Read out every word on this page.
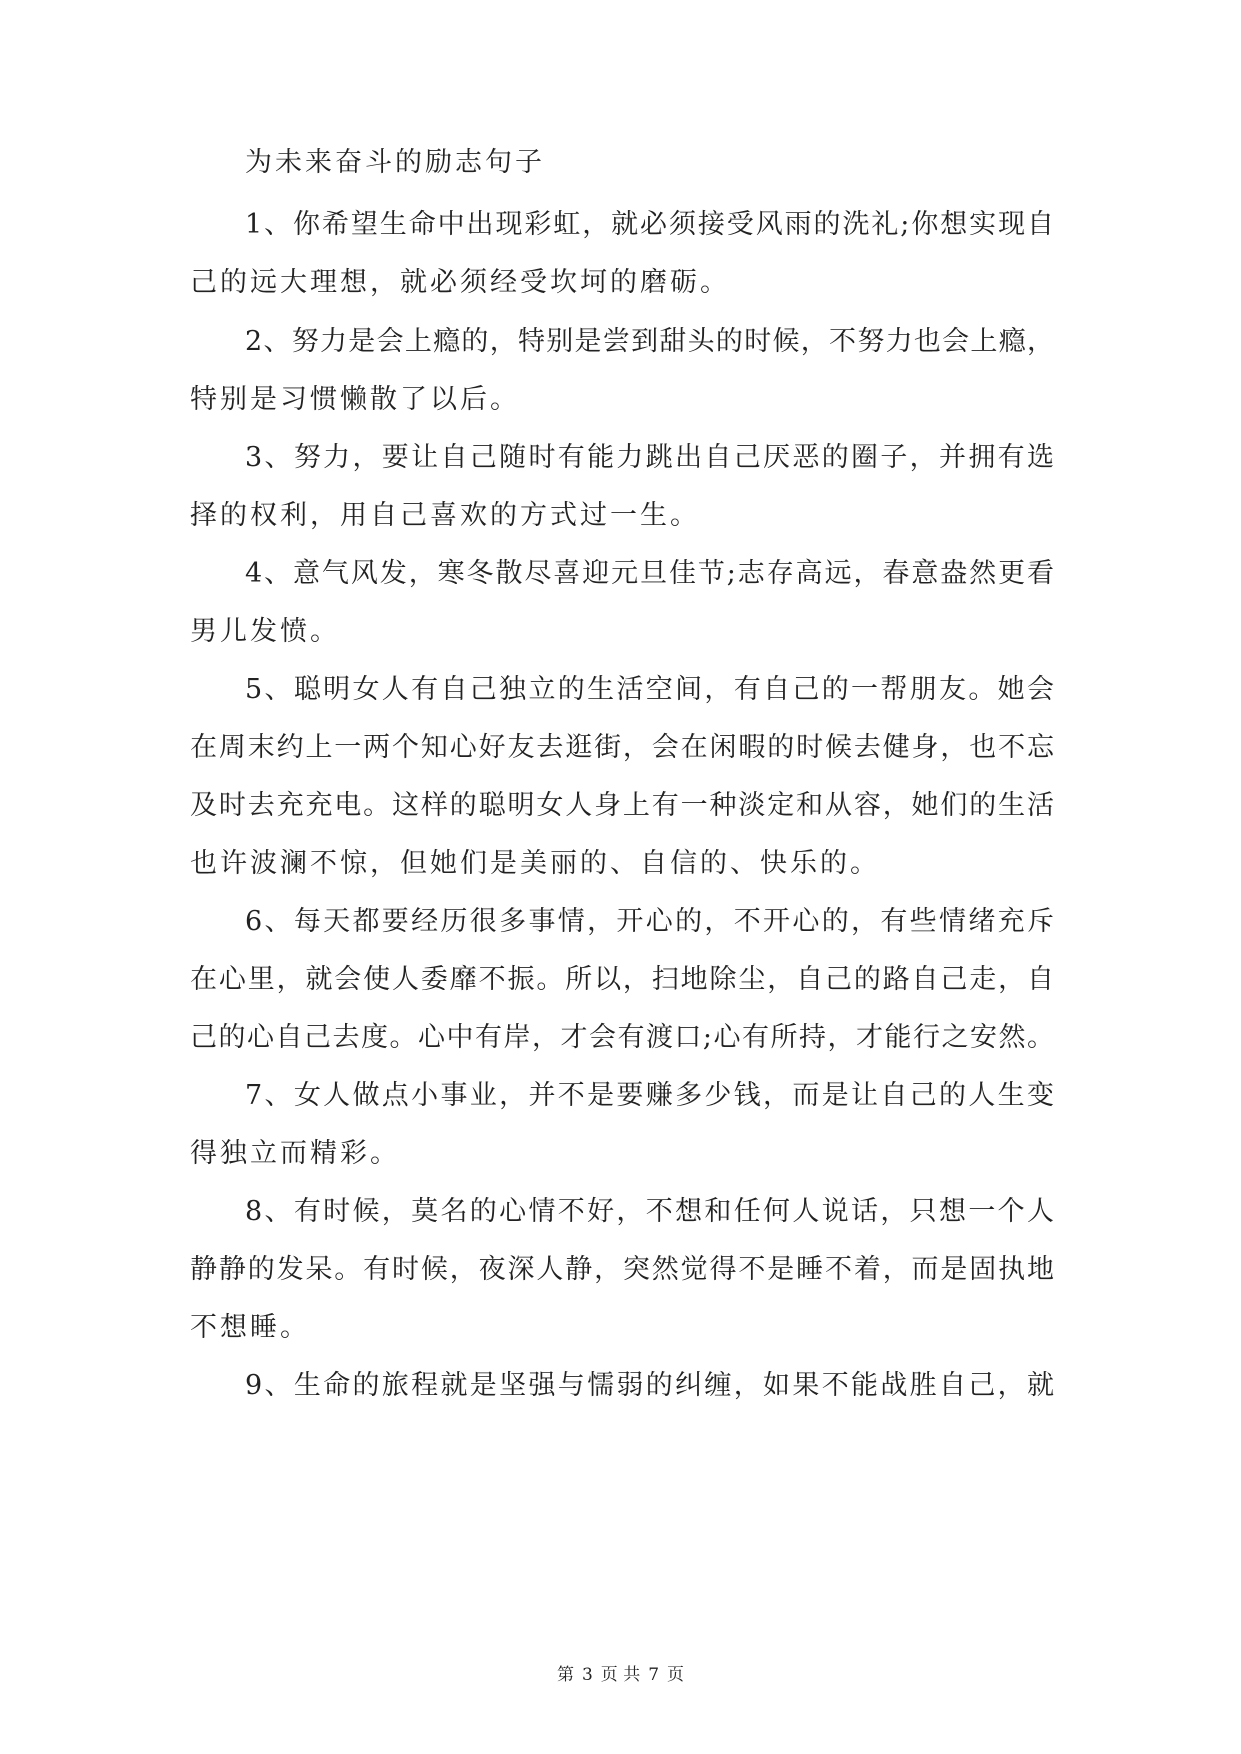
为未来奋斗的励志句子
1、你希望生命中出现彩虹，就必须接受风雨的洗礼;你想实现自
己的远大理想，就必须经受坎坷的磨砺。
2、努力是会上瘾的，特别是尝到甜头的时候，不努力也会上瘾，
特别是习惯懒散了以后。
3、努力，要让自己随时有能力跳出自己厌恶的圈子，并拥有选
择的权利，用自己喜欢的方式过一生。
4、意气风发，寒冬散尽喜迎元旦佳节;志存高远，春意盎然更看
男儿发愤。
5、聪明女人有自己独立的生活空间，有自己的一帮朋友。她会
在周末约上一两个知心好友去逛街，会在闲暇的时候去健身，也不忘
及时去充充电。这样的聪明女人身上有一种淡定和从容，她们的生活
也许波澜不惊，但她们是美丽的、自信的、快乐的。
6、每天都要经历很多事情，开心的，不开心的，有些情绪充斥
在心里，就会使人委靡不振。所以，扫地除尘，自己的路自己走，自
己的心自己去度。心中有岸，才会有渡口;心有所持，才能行之安然。
7、女人做点小事业，并不是要赚多少钱，而是让自己的人生变
得独立而精彩。
8、有时候，莫名的心情不好，不想和任何人说话，只想一个人
静静的发呆。有时候，夜深人静，突然觉得不是睡不着，而是固执地
不想睡。
9、生命的旅程就是坚强与懦弱的纠缠，如果不能战胜自己，就
第 3 页 共 7 页
